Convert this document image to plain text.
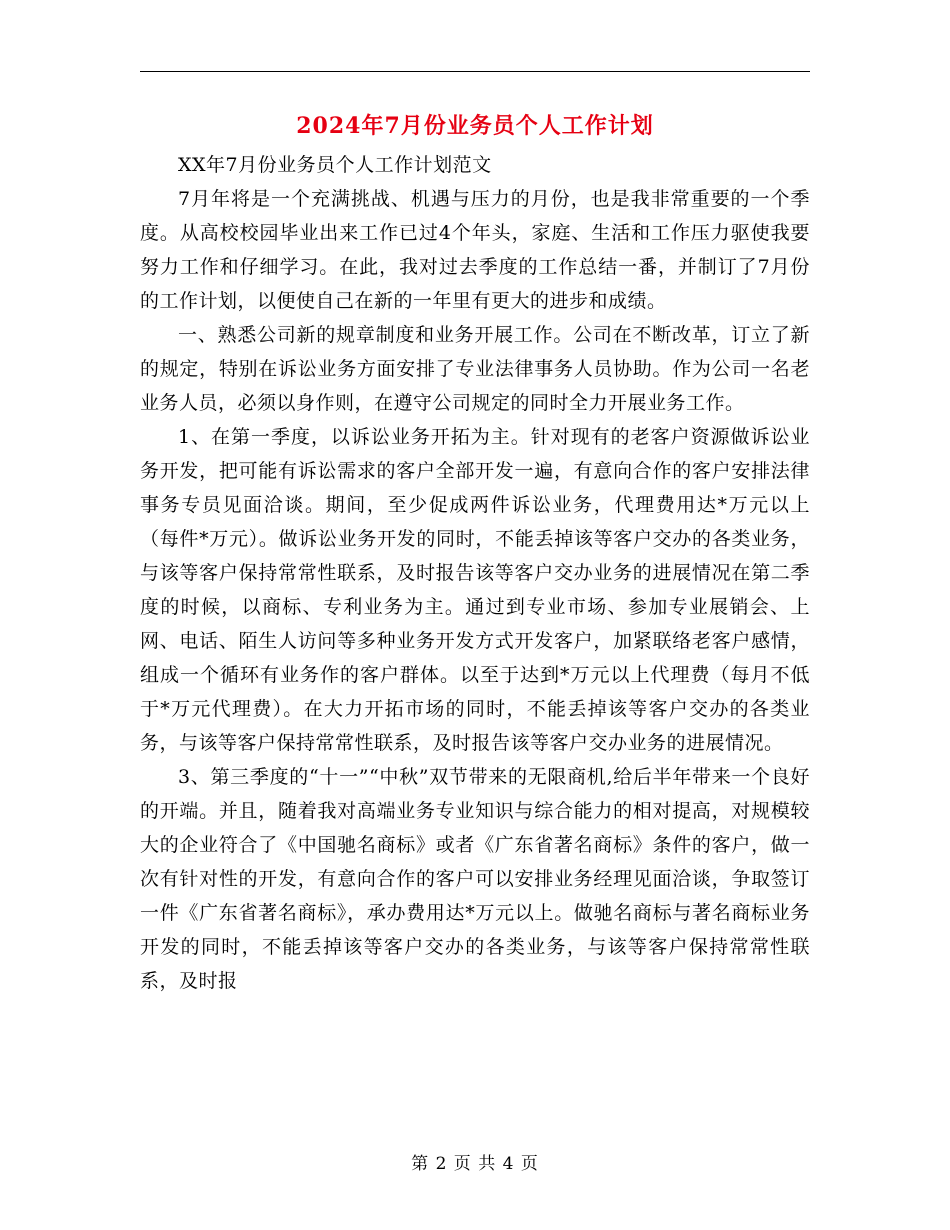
2024年7月份业务员个人工作计划

XX年7月份业务员个人工作计划范文

7月年将是一个充满挑战、机遇与压力的月份，也是我非常重要的一个季度。从高校校园毕业出来工作已过4个年头，家庭、生活和工作压力驱使我要努力工作和仔细学习。在此，我对过去季度的工作总结一番，并制订了7月份的工作计划，以便使自己在新的一年里有更大的进步和成绩。

一、熟悉公司新的规章制度和业务开展工作。公司在不断改革，订立了新的规定，特别在诉讼业务方面安排了专业法律事务人员协助。作为公司一名老业务人员，必须以身作则，在遵守公司规定的同时全力开展业务工作。

1、在第一季度，以诉讼业务开拓为主。针对现有的老客户资源做诉讼业务开发，把可能有诉讼需求的客户全部开发一遍，有意向合作的客户安排法律事务专员见面洽谈。期间，至少促成两件诉讼业务，代理费用达*万元以上（每件*万元）。做诉讼业务开发的同时，不能丢掉该等客户交办的各类业务，与该等客户保持常常性联系，及时报告该等客户交办业务的进展情况在第二季度的时候，以商标、专利业务为主。通过到专业市场、参加专业展销会、上网、电话、陌生人访问等多种业务开发方式开发客户，加紧联络老客户感情，组成一个循环有业务作的客户群体。以至于达到*万元以上代理费（每月不低于*万元代理费）。在大力开拓市场的同时，不能丢掉该等客户交办的各类业务，与该等客户保持常常性联系，及时报告该等客户交办业务的进展情况。

3、第三季度的“十一”“中秋”双节带来的无限商机,给后半年带来一个良好的开端。并且，随着我对高端业务专业知识与综合能力的相对提高，对规模较大的企业符合了《中国驰名商标》或者《广东省著名商标》条件的客户，做一次有针对性的开发，有意向合作的客户可以安排业务经理见面洽谈，争取签订一件《广东省著名商标》，承办费用达*万元以上。做驰名商标与著名商标业务开发的同时，不能丢掉该等客户交办的各类业务，与该等客户保持常常性联系，及时报

第 2 页 共 4 页
